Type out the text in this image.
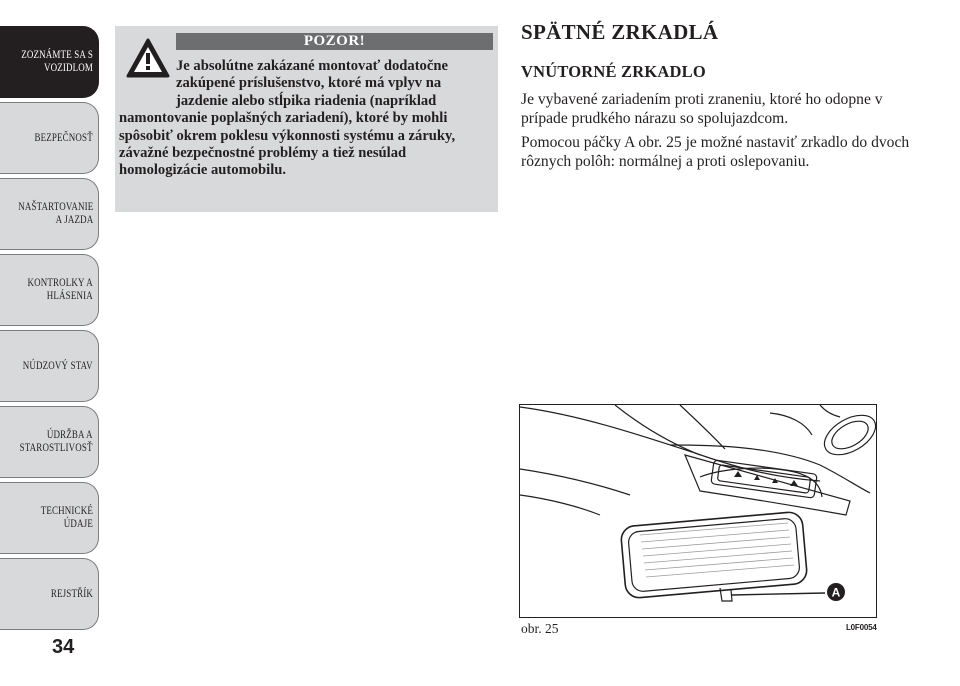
ZOZNÁMTE SA S
VOZIDLOM
BEZPEČNOSŤ
NAŠTARTOVANIE
A JAZDA
KONTROLKY A
HLÁSENIA
NÚDZOVÝ STAV
ÚDRŽBA A
STAROSTLIVOSŤ
TECHNICKÉ
ÚDAJE
REJSTŘÍK
34
POZOR!
Je absolútne zakázané montovať dodatočne zakúpené príslušenstvo, ktoré má vplyv na jazdenie alebo stĺpika riadenia (napríklad namontovanie poplašných zariadení), ktoré by mohli spôsobiť okrem poklesu výkonnosti systému a záruky, závažné bezpečnostné problémy a tiež nesúlad homologizácie automobilu.
SPÄTNÉ ZRKADLÁ
VNÚTORNÉ ZRKADLO

Je vybavené zariadením proti zraneniu, ktoré ho odopne v prípade prudkého nárazu so spolujazdcom.

Pomocou páčky A obr. 25 je možné nastaviť zrkadlo do dvoch rôznych polôh: normálnej a proti oslepovaniu.

A
obr. 25	L0F0054
